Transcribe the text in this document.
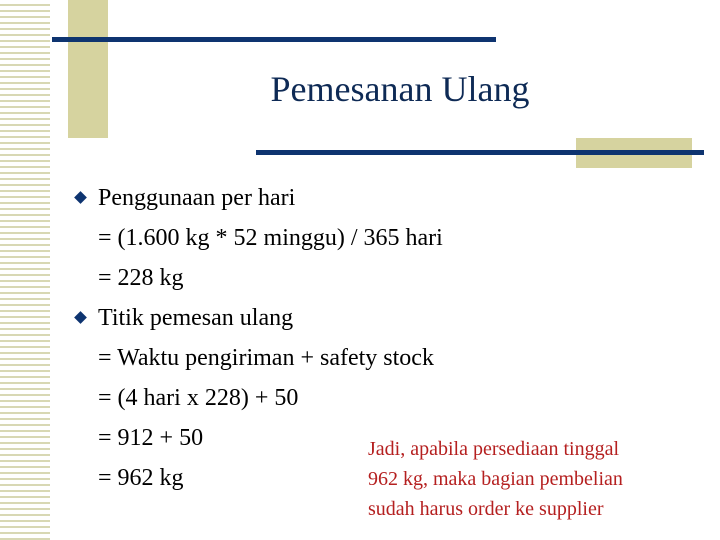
Pemesanan Ulang
Penggunaan per hari
= (1.600 kg * 52 minggu) / 365 hari
= 228 kg
Titik pemesan ulang
= Waktu pengiriman + safety stock
= (4 hari x 228) + 50
= 912 + 50
= 962 kg
Jadi, apabila persediaan tinggal
962 kg, maka bagian pembelian
sudah harus order ke supplier
